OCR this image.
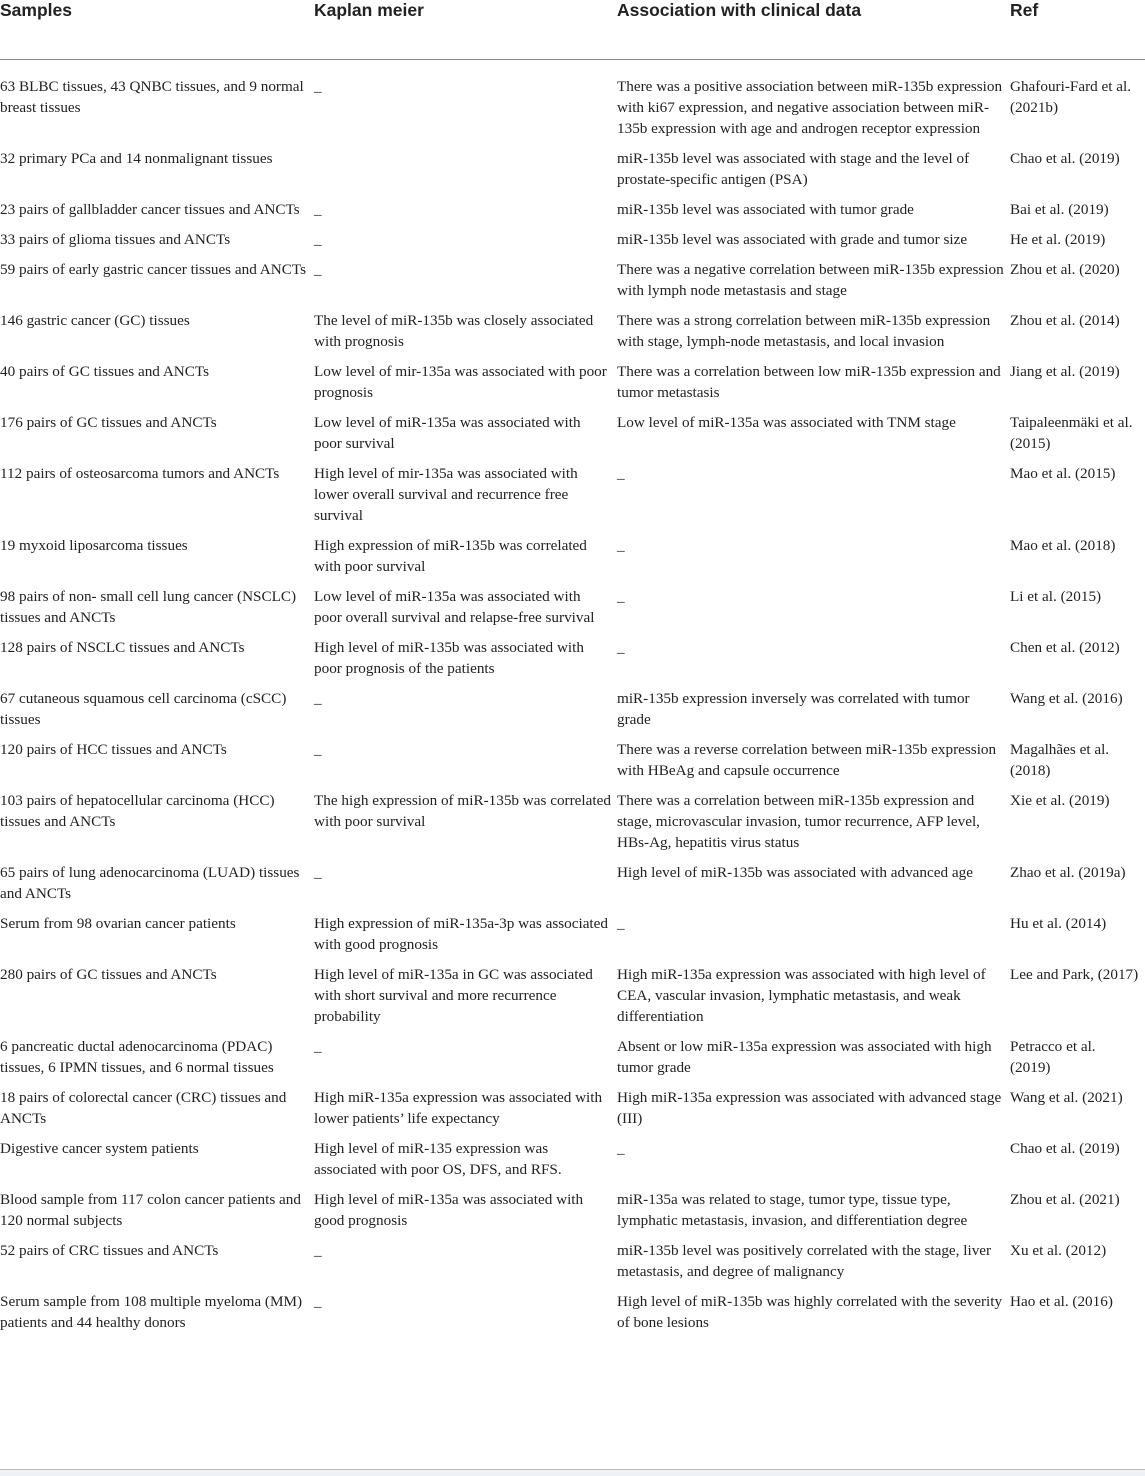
Samples	Kaplan meier	Association with clinical data	Ref
63 BLBC tissues, 43 QNBC tissues, and 9 normal breast tissues	_	There was a positive association between miR-135b expression with ki67 expression, and negative association between miR-135b expression with age and androgen receptor expression	Ghafouri-Fard et al. (2021b)
32 primary PCa and 14 nonmalignant tissues		miR-135b level was associated with stage and the level of prostate-specific antigen (PSA)	Chao et al. (2019)
23 pairs of gallbladder cancer tissues and ANCTs	_	miR-135b level was associated with tumor grade	Bai et al. (2019)
33 pairs of glioma tissues and ANCTs	_	miR-135b level was associated with grade and tumor size	He et al. (2019)
59 pairs of early gastric cancer tissues and ANCTs	_	There was a negative correlation between miR-135b expression with lymph node metastasis and stage	Zhou et al. (2020)
146 gastric cancer (GC) tissues	The level of miR-135b was closely associated with prognosis	There was a strong correlation between miR-135b expression with stage, lymph-node metastasis, and local invasion	Zhou et al. (2014)
40 pairs of GC tissues and ANCTs	Low level of mir-135a was associated with poor prognosis	There was a correlation between low miR-135b expression and tumor metastasis	Jiang et al. (2019)
176 pairs of GC tissues and ANCTs	Low level of miR-135a was associated with poor survival	Low level of miR-135a was associated with TNM stage	Taipaleenmäki et al. (2015)
112 pairs of osteosarcoma tumors and ANCTs	High level of mir-135a was associated with lower overall survival and recurrence free survival	_	Mao et al. (2015)
19 myxoid liposarcoma tissues	High expression of miR-135b was correlated with poor survival	_	Mao et al. (2018)
98 pairs of non- small cell lung cancer (NSCLC) tissues and ANCTs	Low level of miR-135a was associated with poor overall survival and relapse-free survival	_	Li et al. (2015)
128 pairs of NSCLC tissues and ANCTs	High level of miR-135b was associated with poor prognosis of the patients	_	Chen et al. (2012)
67 cutaneous squamous cell carcinoma (cSCC) tissues	_	miR-135b expression inversely was correlated with tumor grade	Wang et al. (2016)
120 pairs of HCC tissues and ANCTs	_	There was a reverse correlation between miR-135b expression with HBeAg and capsule occurrence	Magalhães et al. (2018)
103 pairs of hepatocellular carcinoma (HCC) tissues and ANCTs	The high expression of miR-135b was correlated with poor survival	There was a correlation between miR-135b expression and stage, microvascular invasion, tumor recurrence, AFP level, HBs-Ag, hepatitis virus status	Xie et al. (2019)
65 pairs of lung adenocarcinoma (LUAD) tissues and ANCTs	_	High level of miR-135b was associated with advanced age	Zhao et al. (2019a)
Serum from 98 ovarian cancer patients	High expression of miR-135a-3p was associated with good prognosis	_	Hu et al. (2014)
280 pairs of GC tissues and ANCTs	High level of miR-135a in GC was associated with short survival and more recurrence probability	High miR-135a expression was associated with high level of CEA, vascular invasion, lymphatic metastasis, and weak differentiation	Lee and Park, (2017)
6 pancreatic ductal adenocarcinoma (PDAC) tissues, 6 IPMN tissues, and 6 normal tissues	_	Absent or low miR-135a expression was associated with high tumor grade	Petracco et al. (2019)
18 pairs of colorectal cancer (CRC) tissues and ANCTs	High miR-135a expression was associated with lower patients’ life expectancy	High miR-135a expression was associated with advanced stage (III)	Wang et al. (2021)
Digestive cancer system patients	High level of miR-135 expression was associated with poor OS, DFS, and RFS.	_	Chao et al. (2019)
Blood sample from 117 colon cancer patients and 120 normal subjects	High level of miR-135a was associated with good prognosis	miR-135a was related to stage, tumor type, tissue type, lymphatic metastasis, invasion, and differentiation degree	Zhou et al. (2021)
52 pairs of CRC tissues and ANCTs	_	miR-135b level was positively correlated with the stage, liver metastasis, and degree of malignancy	Xu et al. (2012)
Serum sample from 108 multiple myeloma (MM) patients and 44 healthy donors	_	High level of miR-135b was highly correlated with the severity of bone lesions	Hao et al. (2016)
